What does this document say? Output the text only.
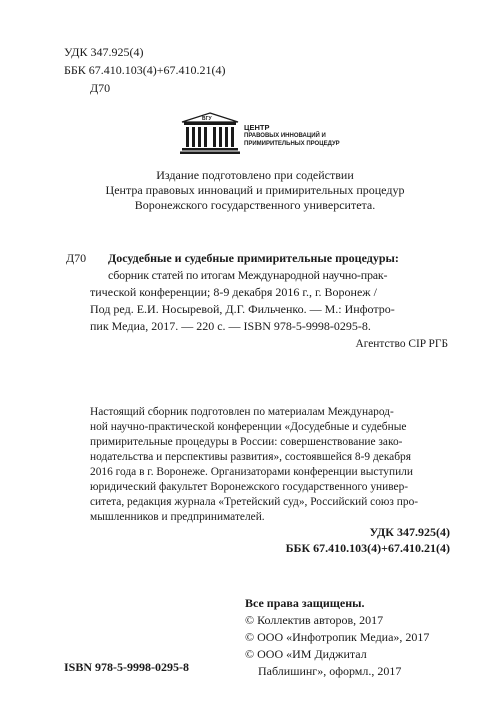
УДК 347.925(4)
ББК 67.410.103(4)+67.410.21(4)
Д70
ВГУ
ЦЕНТР
ПРАВОВЫХ ИННОВАЦИЙ И
ПРИМИРИТЕЛЬНЫХ ПРОЦЕДУР
Издание подготовлено при содействии
Центра правовых инноваций и примирительных процедур
Воронежского государственного университета.
Д70 Досудебные и судебные примирительные процедуры:
сборник статей по итогам Международной научно-прак-
тической конференции; 8-9 декабря 2016 г., г. Воронеж /
Под ред. Е.И. Носыревой, Д.Г. Фильченко. — М.: Инфотро-
пик Медиа, 2017. — 220 с. — ISBN 978-5-9998-0295-8.
Агентство CIP РГБ
Настоящий сборник подготовлен по материалам Международ-
ной научно-практической конференции «Досудебные и судебные
примирительные процедуры в России: совершенствование зако-
нодательства и перспективы развития», состоявшейся 8-9 декабря
2016 года в г. Воронеже. Организаторами конференции выступили
юридический факультет Воронежского государственного универ-
ситета, редакция журнала «Третейский суд», Российский союз про-
мышленников и предпринимателей.
УДК 347.925(4)
ББК 67.410.103(4)+67.410.21(4)
Все права защищены.
© Коллектив авторов, 2017
© ООО «Инфотропик Медиа», 2017
© ООО «ИМ Диджитал
Паблишинг», оформл., 2017
ISBN 978-5-9998-0295-8
